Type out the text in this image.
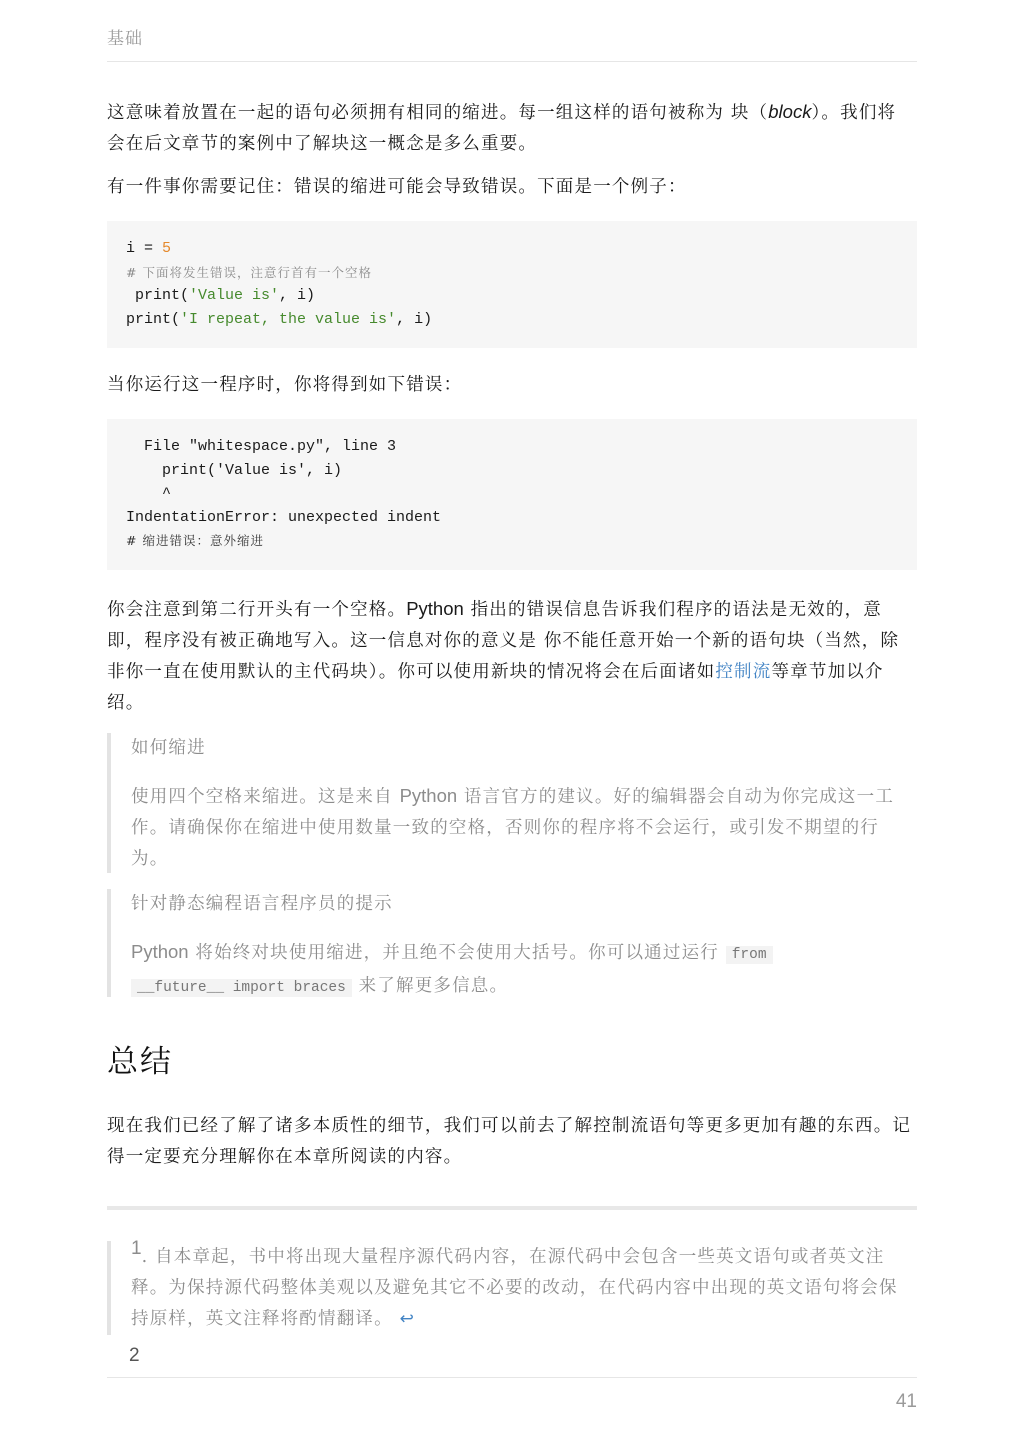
基础

这意味着放置在一起的语句必须拥有相同的缩进。每一组这样的语句被称为 块（block）。我们将会在后文章节的案例中了解块这一概念是多么重要。

有一件事你需要记住：错误的缩进可能会导致错误。下面是一个例子：

i = 5
# 下面将发生错误，注意行首有一个空格
print('Value is', i)
print('I repeat, the value is', i)

当你运行这一程序时，你将得到如下错误：

File "whitespace.py", line 3
print('Value is', i)
^
IndentationError: unexpected indent
# 缩进错误：意外缩进

你会注意到第二行开头有一个空格。Python 指出的错误信息告诉我们程序的语法是无效的，意即，程序没有被正确地写入。这一信息对你的意义是 你不能任意开始一个新的语句块（当然，除非你一直在使用默认的主代码块）。你可以使用新块的情况将会在后面诸如控制流等章节加以介绍。

如何缩进

使用四个空格来缩进。这是来自 Python 语言官方的建议。好的编辑器会自动为你完成这一工作。请确保你在缩进中使用数量一致的空格，否则你的程序将不会运行，或引发不期望的行为。

针对静态编程语言程序员的提示

Python 将始终对块使用缩进，并且绝不会使用大括号。你可以通过运行 from
__future__ import braces 来了解更多信息。

总结

现在我们已经了解了诸多本质性的细节，我们可以前去了解控制流语句等更多更加有趣的东西。记得一定要充分理解你在本章所阅读的内容。

1. 自本章起，书中将出现大量程序源代码内容，在源代码中会包含一些英文语句或者英文注释。为保持源代码整体美观以及避免其它不必要的改动，在代码内容中出现的英文语句将会保持原样，英文注释将酌情翻译。 ↩

2
41
